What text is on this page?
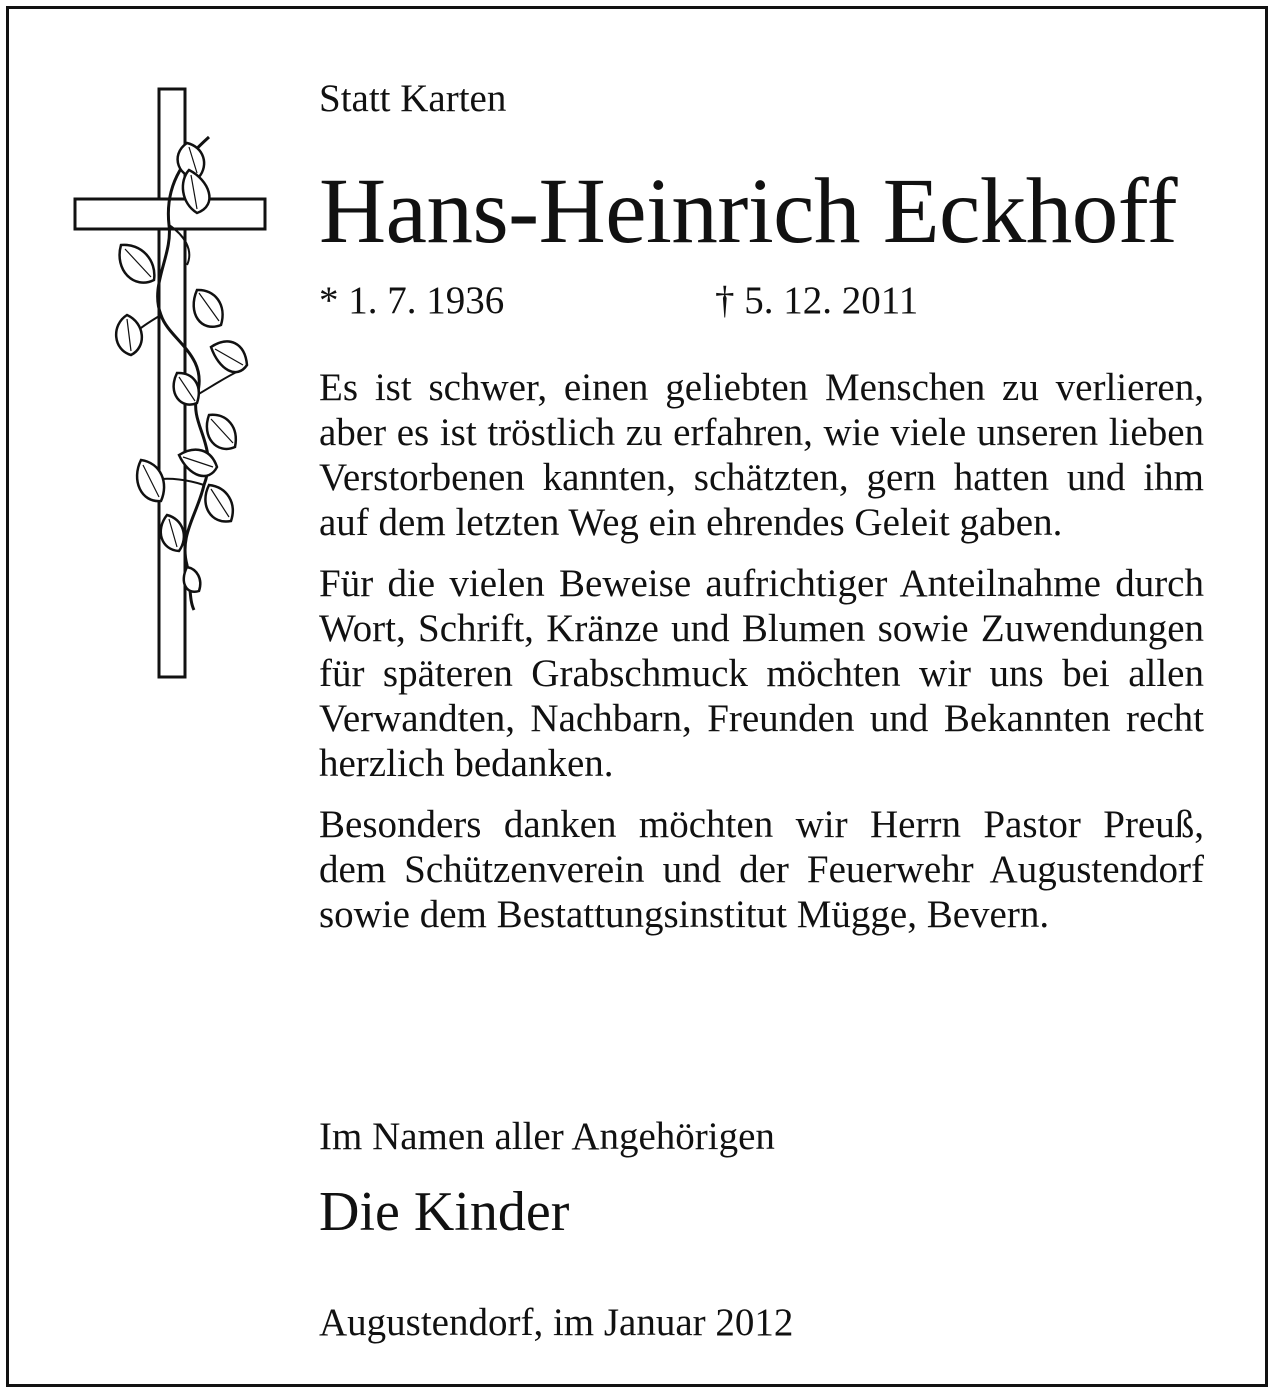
Statt Karten
Hans-Heinrich Eckhoff
* 1. 7. 1936	† 5. 12. 2011

Es ist schwer, einen geliebten Menschen zu verlieren, aber es ist tröstlich zu erfahren, wie viele unseren lieben Verstorbenen kannten, schätzten, gern hatten und ihm auf dem letzten Weg ein ehrendes Geleit gaben.

Für die vielen Beweise aufrichtiger Anteilnahme durch Wort, Schrift, Kränze und Blumen sowie Zuwendungen für späteren Grabschmuck möchten wir uns bei allen Verwandten, Nachbarn, Freunden und Bekannten recht herzlich bedanken.

Besonders danken möchten wir Herrn Pastor Preuß, dem Schützenverein und der Feuerwehr Augustendorf sowie dem Bestattungsinstitut Mügge, Bevern.

Im Namen aller Angehörigen
Die Kinder
Augustendorf, im Januar 2012
